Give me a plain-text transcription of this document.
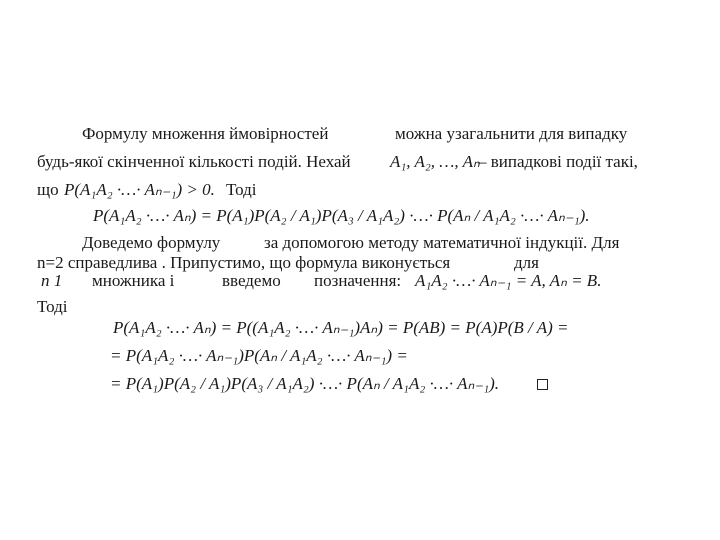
Формулу множення ймовірностей	можна узагальнити для випадку
будь-якої скінченної кількості подій. Нехай A₁, A₂, …, Aₙ
– випадкові події такі,
що P(A₁A₂ ·…· Aₙ₋₁) > 0. Тоді
P(A₁A₂ ·…· Aₙ) = P(A₁)P(A₂ / A₁)P(A₃ / A₁A₂) ·…· P(Aₙ / A₁A₂ ·…· Aₙ₋₁).
Доведемо формулу	за допомогою методу математичної індукції. Для
n=2 справедлива . Припустимо, що формула виконується	для
n 1 множника і	введемо позначення: A₁A₂ ·…· Aₙ₋₁ = A, Aₙ = B.
Тоді
P(A₁A₂ ·…· Aₙ) = P((A₁A₂ ·…· Aₙ₋₁)Aₙ) = P(AB) = P(A)P(B / A) =
= P(A₁A₂ ·…· Aₙ₋₁)P(Aₙ / A₁A₂ ·…· Aₙ₋₁) =
= P(A₁)P(A₂ / A₁)P(A₃ / A₁A₂) ·…· P(Aₙ / A₁A₂ ·…· Aₙ₋₁).
